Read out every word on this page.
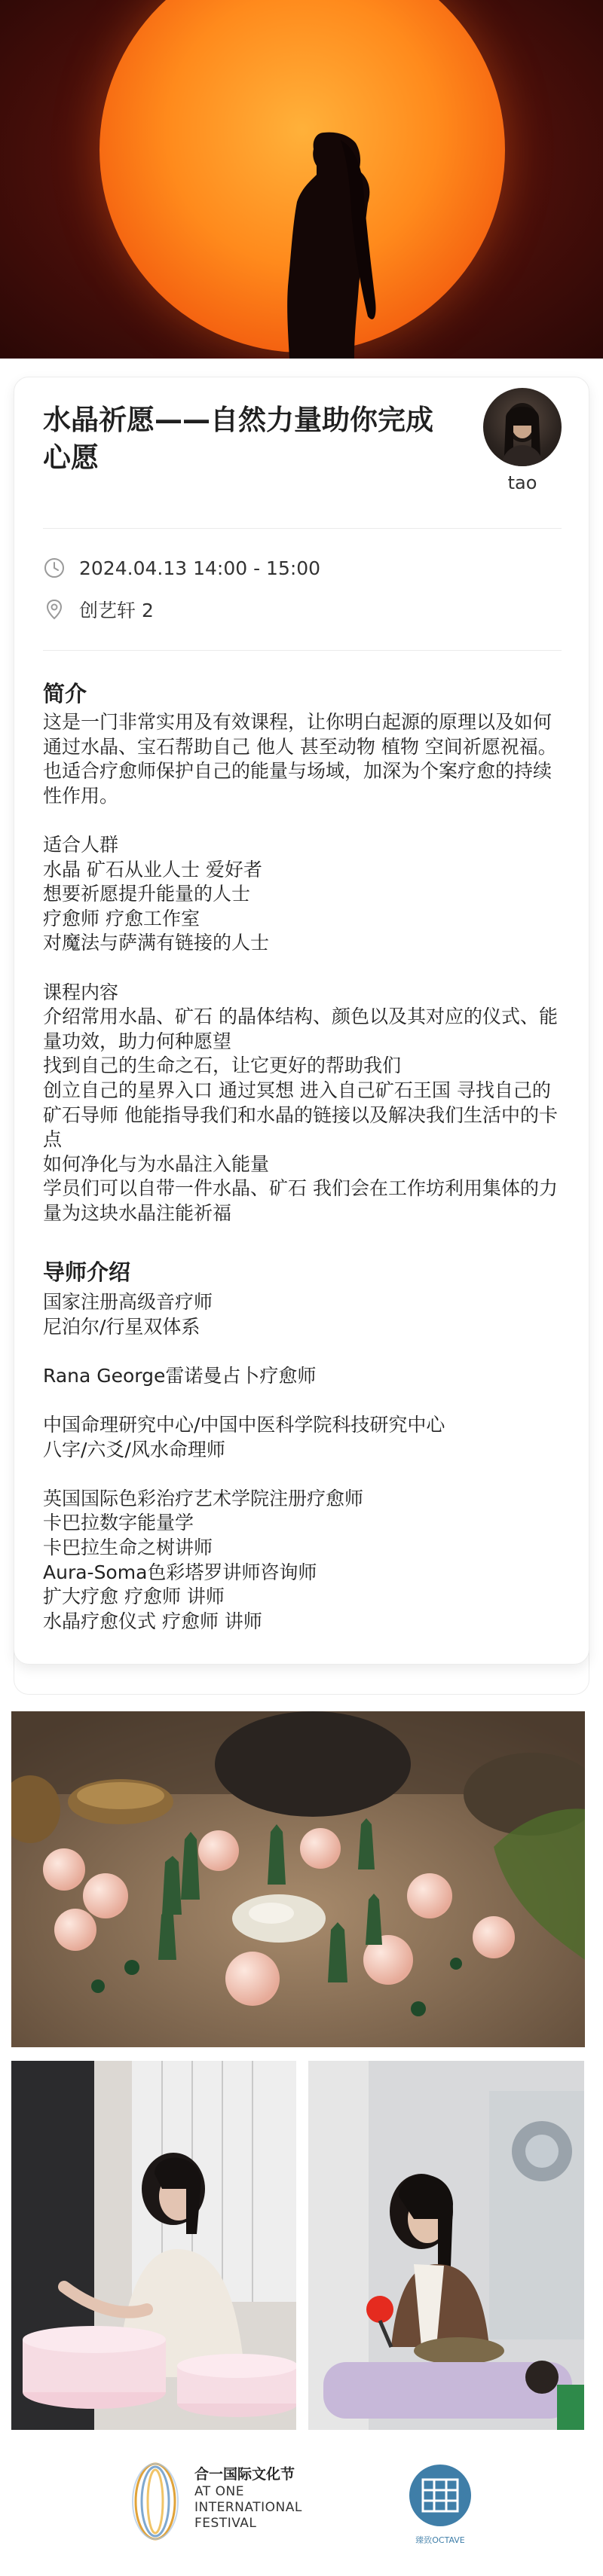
水晶祈愿——自然力量助你完成心愿
tao
2024.04.13 14:00 - 15:00
创艺轩 2
简介
这是一门非常实用及有效课程，让你明白起源的原理以及如何通过水晶、宝石帮助自己 他人 甚至动物 植物 空间祈愿祝福。也适合疗愈师保护自己的能量与场域，加深为个案疗愈的持续性作用。

适合人群
水晶 矿石从业人士 爱好者
想要祈愿提升能量的人士
疗愈师 疗愈工作室
对魔法与萨满有链接的人士

课程内容
介绍常用水晶、矿石 的晶体结构、颜色以及其对应的仪式、能量功效，助力何种愿望
找到自己的生命之石，让它更好的帮助我们
创立自己的星界入口 通过冥想 进入自己矿石王国 寻找自己的矿石导师 他能指导我们和水晶的链接以及解决我们生活中的卡点
如何净化与为水晶注入能量
学员们可以自带一件水晶、矿石 我们会在工作坊利用集体的力量为这块水晶注能祈福
导师介绍
国家注册高级音疗师
尼泊尔/行星双体系

Rana George雷诺曼占卜疗愈师

中国命理研究中心/中国中医科学院科技研究中心
八字/六爻/风水命理师

英国国际色彩治疗艺术学院注册疗愈师
卡巴拉数字能量学
卡巴拉生命之树讲师
Aura-Soma色彩塔罗讲师咨询师
扩大疗愈 疗愈师 讲师
水晶疗愈仪式 疗愈师 讲师
合一国际文化节
AT ONE
INTERNATIONAL
FESTIVAL
臻致OCTAVE
